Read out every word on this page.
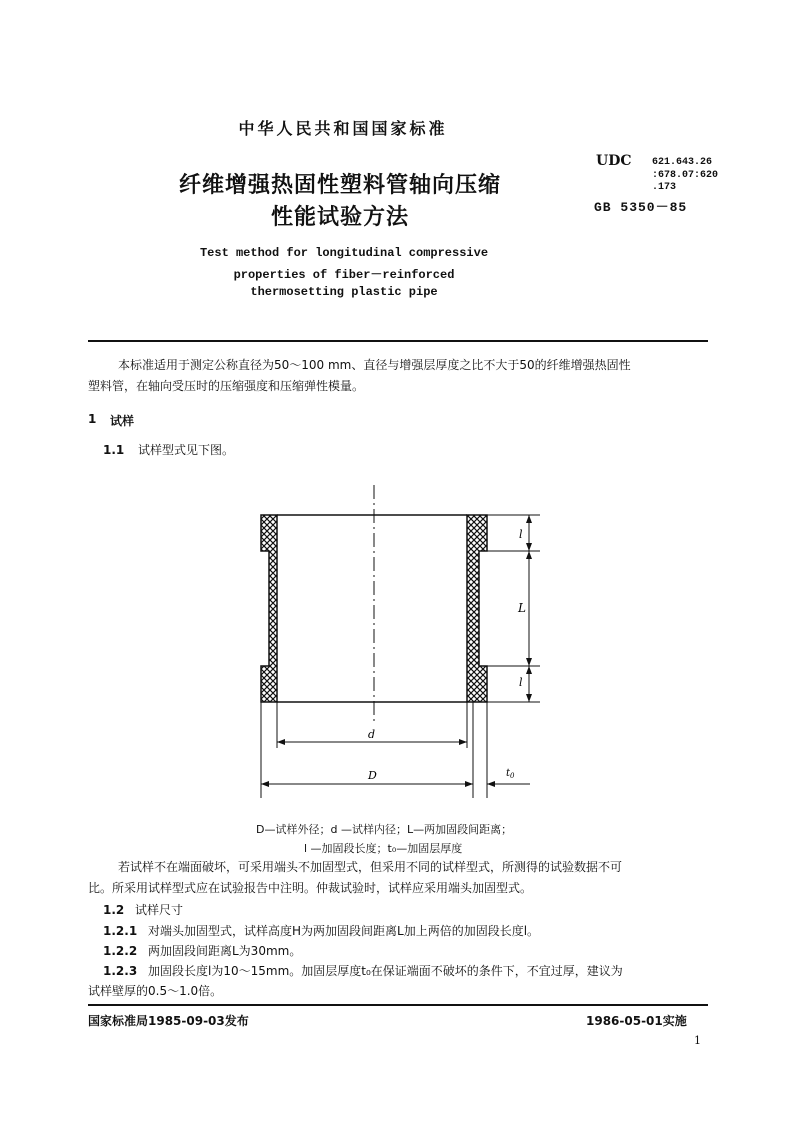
中华人民共和国国家标准
纤维增强热固性塑料管轴向压缩
性能试验方法
UDC 621.643.26
:678.07:620
.173
GB 5350－85
Test method for longitudinal compressive
properties of fiber－reinforced
thermosetting plastic pipe
本标准适用于测定公称直径为50～100 mm、直径与增强层厚度之比不大于50的纤维增强热固性
塑料管，在轴向受压时的压缩强度和压缩弹性模量。
1 试样
1.1 试样型式见下图。
l
L
l
d
D	$t_0$
D—试样外径；d —试样内径；L—两加固段间距离；
l —加固段长度；t₀—加固层厚度
若试样不在端面破坏，可采用端头不加固型式，但采用不同的试样型式，所测得的试验数据不可
比。所采用试样型式应在试验报告中注明。仲裁试验时，试样应采用端头加固型式。
1.2 试样尺寸
1.2.1 对端头加固型式，试样高度H为两加固段间距离L加上两倍的加固段长度l。
1.2.2 两加固段间距离L为30mm。
1.2.3 加固段长度l为10～15mm。加固层厚度t₀在保证端面不破坏的条件下，不宜过厚，建议为
试样壁厚的0.5～1.0倍。
国家标准局1985-09-03发布	1986-05-01实施
1
